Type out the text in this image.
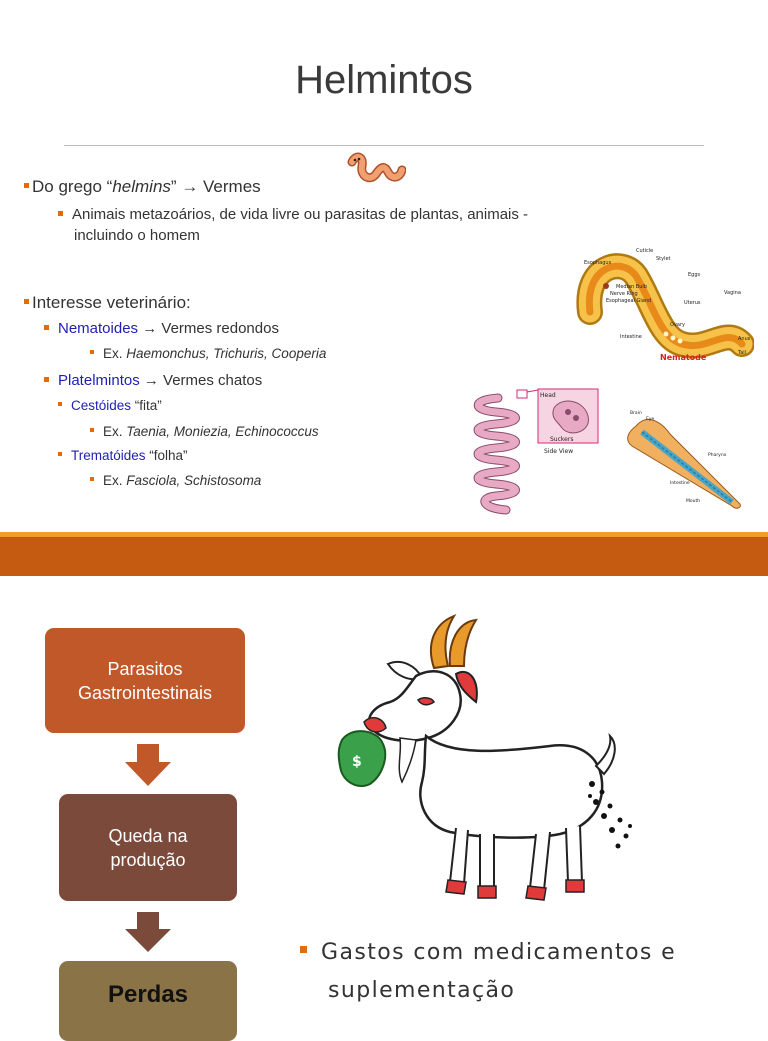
Helmintos
Do grego “helmins” → Vermes
Animais metazoários, de vida livre ou parasitas de plantas, animais -
incluindo o homem
Interesse veterinário:
Nematoides → Vermes redondos
Ex. Haemonchus, Trichuris, Cooperia
Platelmintos → Vermes chatos
Cestóides “fita”
Ex. Taenia, Moniezia, Echinococcus
Trematóides “folha”
Ex. Fasciola, Schistosoma
Cuticle
Stylet
Esophagus
Median Bulb
Nerve Ring
Esophageal Gland
Eggs
Vagina
Uterus
Intestine
Ovary
Anus
Tail
Nematode
Head
Suckers
Side View
Brain
Eye
Pharynx
Intestine
Mouth
Parasitos
Gastrointestinais
Queda na
produção
Perdas
$
Gastos com medicamentos e
suplementação
